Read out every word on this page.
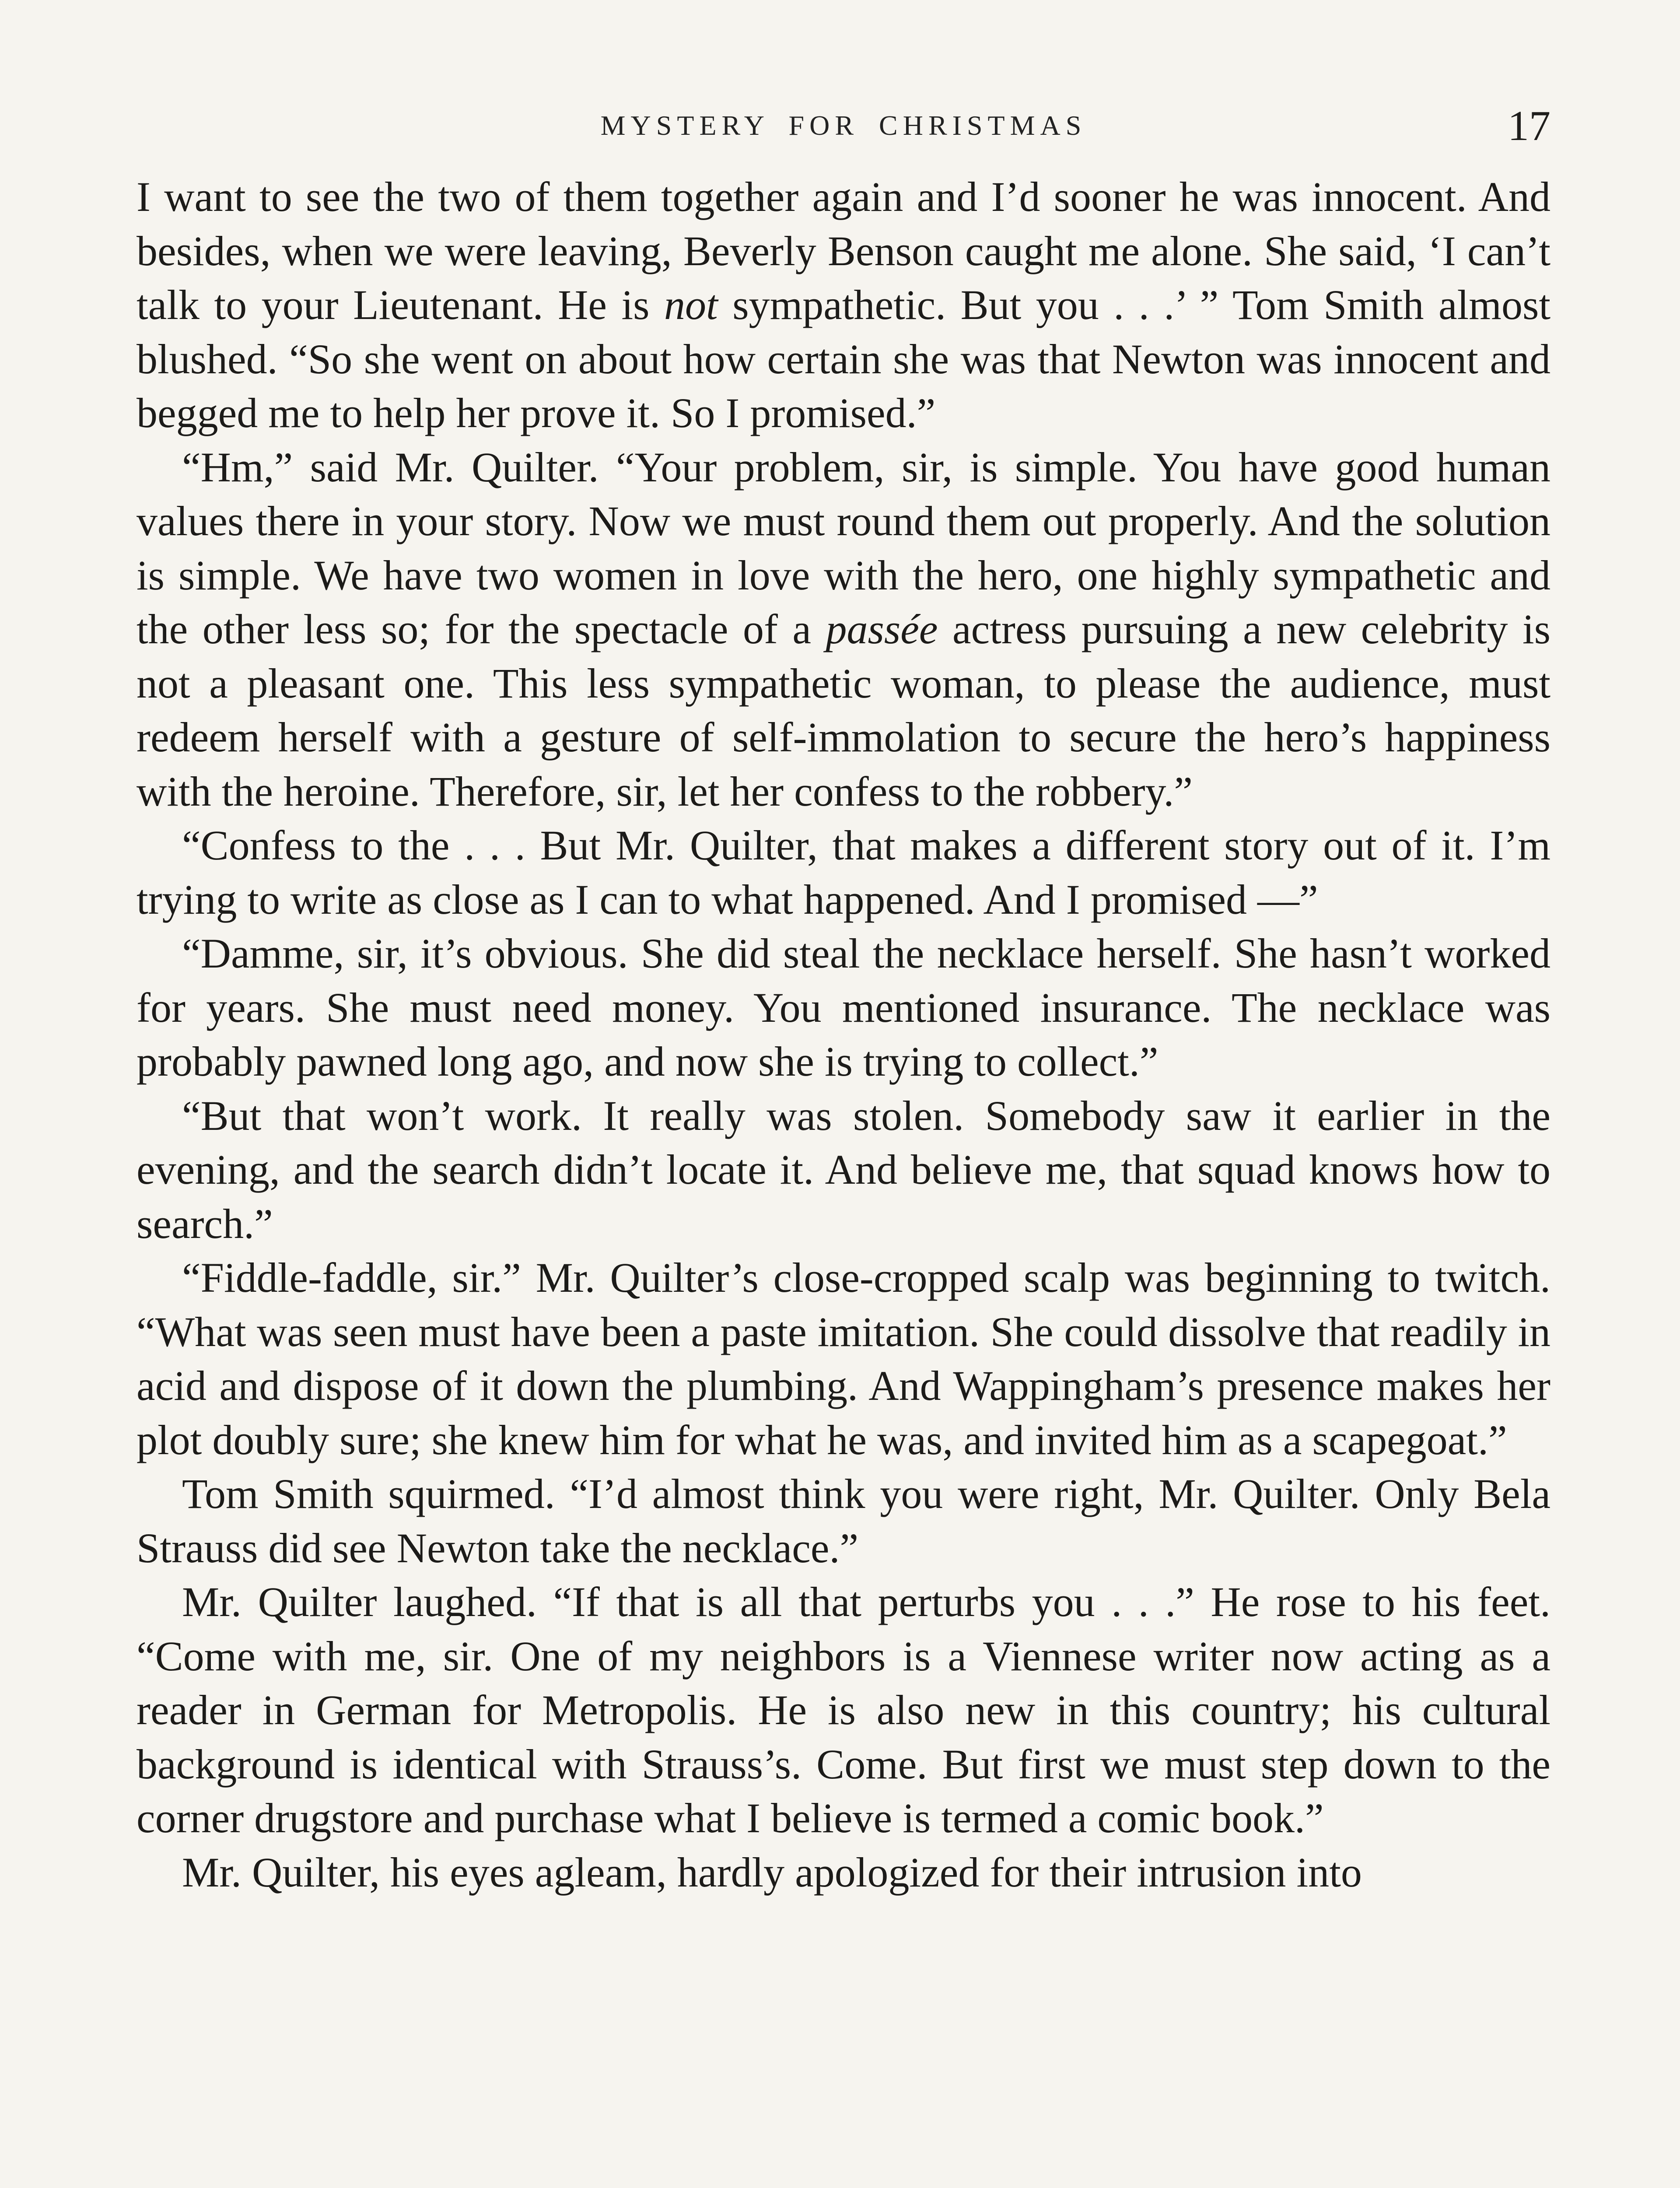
MYSTERY FOR CHRISTMAS	17

I want to see the two of them together again and I’d sooner he was innocent. And besides, when we were leaving, Beverly Benson caught me alone. She said, ‘I can’t talk to your Lieutenant. He is not sympathetic. But you . . .’ ” Tom Smith almost blushed. “So she went on about how certain she was that Newton was innocent and begged me to help her prove it. So I promised.”

“Hm,” said Mr. Quilter. “Your problem, sir, is simple. You have good human values there in your story. Now we must round them out properly. And the solution is simple. We have two women in love with the hero, one highly sympathetic and the other less so; for the spectacle of a passée actress pursuing a new celebrity is not a pleasant one. This less sympathetic woman, to please the audience, must redeem herself with a gesture of self-immolation to secure the hero’s happiness with the heroine. Therefore, sir, let her confess to the robbery.”

“Confess to the . . . But Mr. Quilter, that makes a different story out of it. I’m trying to write as close as I can to what happened. And I promised —”

“Damme, sir, it’s obvious. She did steal the necklace herself. She hasn’t worked for years. She must need money. You mentioned insurance. The necklace was probably pawned long ago, and now she is trying to collect.”

“But that won’t work. It really was stolen. Somebody saw it earlier in the evening, and the search didn’t locate it. And believe me, that squad knows how to search.”

“Fiddle-faddle, sir.” Mr. Quilter’s close-cropped scalp was beginning to twitch. “What was seen must have been a paste imitation. She could dissolve that readily in acid and dispose of it down the plumbing. And Wappingham’s presence makes her plot doubly sure; she knew him for what he was, and invited him as a scapegoat.”

Tom Smith squirmed. “I’d almost think you were right, Mr. Quilter. Only Bela Strauss did see Newton take the necklace.”

Mr. Quilter laughed. “If that is all that perturbs you . . .” He rose to his feet. “Come with me, sir. One of my neighbors is a Viennese writer now acting as a reader in German for Metropolis. He is also new in this country; his cultural background is identical with Strauss’s. Come. But first we must step down to the corner drugstore and purchase what I believe is termed a comic book.”

Mr. Quilter, his eyes agleam, hardly apologized for their intrusion into
